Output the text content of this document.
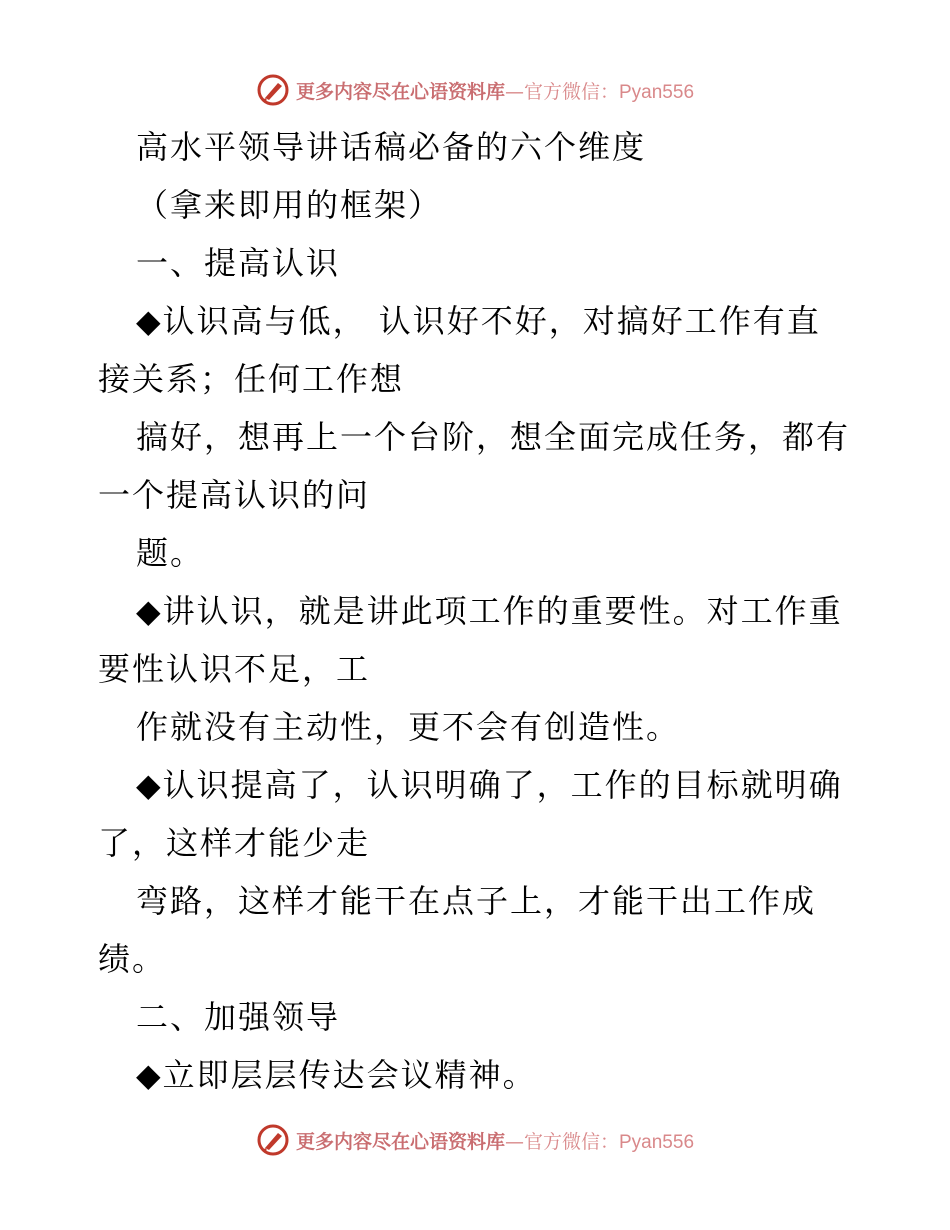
更多内容尽在心语资料库—官方微信：Pyan556
高水平领导讲话稿必备的六个维度
（拿来即用的框架）
一、提高认识
◆认识高与低， 认识好不好，对搞好工作有直
接关系；任何工作想
搞好，想再上一个台阶，想全面完成任务，都有
一个提高认识的问
题。
◆讲认识，就是讲此项工作的重要性。对工作重
要性认识不足，工
作就没有主动性，更不会有创造性。
◆认识提高了，认识明确了，工作的目标就明确
了，这样才能少走
弯路，这样才能干在点子上，才能干出工作成
绩。
二、加强领导
◆立即层层传达会议精神。
更多内容尽在心语资料库—官方微信：Pyan556
